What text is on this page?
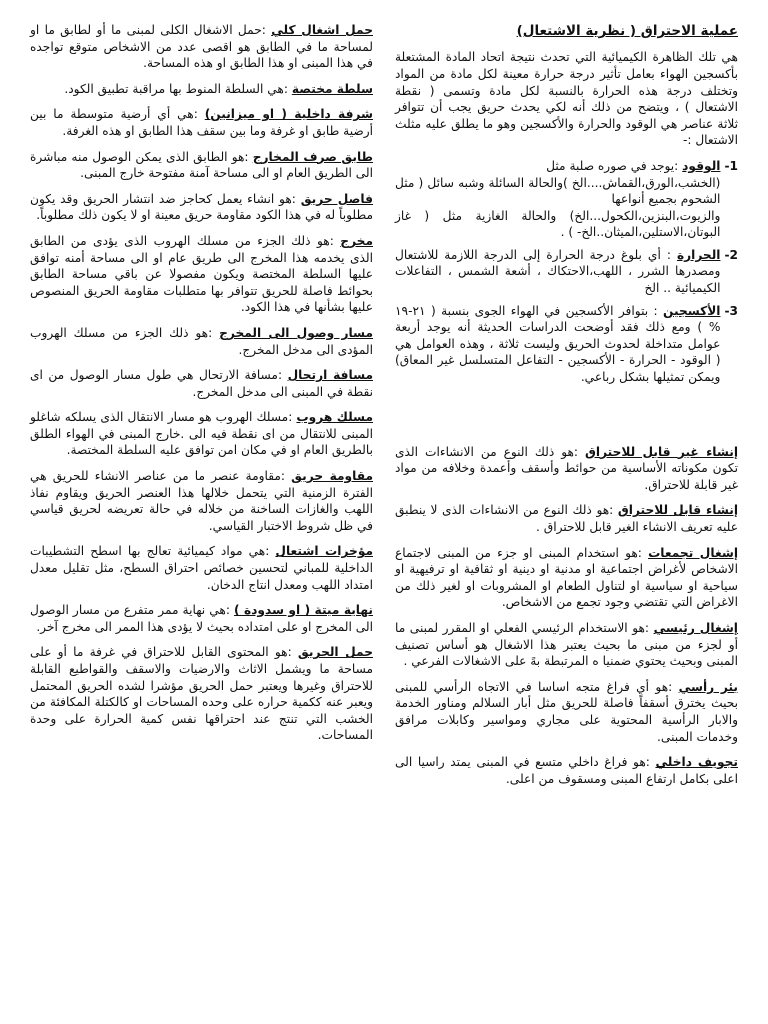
عملية الاحتراق ( نظرية الاشتعال)

هي تلك الظاهرة الكيميائية التي تحدث نتيجة اتحاد المادة المشتعلة بأكسجين الهواء بعامل تأثير درجة حرارة معينة لكل مادة من المواد وتختلف درجة هذه الحرارة بالنسبة لكل مادة وتسمى ( نقطة الاشتعال ) ، ويتضح من ذلك أنه لكي يحدث حريق يجب أن تتوافر ثلاثة عناصر هي الوقود والحرارة والأكسجين وهو ما يطلق عليه مثلث الاشتعال :-

1-

الوقود :يوجد في صوره صلبة مثل

(الخشب،الورق،القماش....الخ )والحالة السائلة وشبه سائل ( مثل الشحوم بجميع أنواعها

والزيوت،البنزين،الكحول...الخ) والحالة الغازية مثل ( غاز البوتان،الاستلين،الميثان..الخ- ) .

2-

الحرارة : أي بلوغ درجة الحرارة إلى الدرجة اللازمة للاشتعال ومصدرها الشرر ، اللهب،الاحتكاك ، أشعة الشمس ، التفاعلات الكيميائية .. الخ

3-

الأكسجين : بتوافر الأكسجين في الهواء الجوى بنسبة ( ٢١-١٩ % ) ومع ذلك فقد أوضحت الدراسات الحديثة أنه يوجد أربعة عوامل متداخلة لحدوث الحريق وليست ثلاثة ، وهذه العوامل هي ( الوقود - الحرارة - الأكسجين - التفاعل المتسلسل غير المعاق) ويمكن تمثيلها بشكل رباعي.

إنشاء غير قابل للاحتراق :هو ذلك النوع من الانشاءات الذى تكون مكوناته الأساسية من حوائط وأسقف وأعمدة وخلافه من مواد غير قابلة للاحتراق.

إنشاء قابل للاحتراق :هو ذلك النوع من الانشاءات الذى لا ينطبق عليه تعريف الانشاء الغير قابل للاحتراق .

إشغال تجمعات :هو استخدام المبنى او جزء من المبنى لاجتماع الاشخاص لأغراض اجتماعية او مدنية او دينية او ثقافية او ترفيهية او سياحية او سياسية او لتناول الطعام او المشروبات او لغير ذلك من الاغراض التي تقتضي وجود تجمع من الاشخاص.

إشغال رئيسي :هو الاستخدام الرئيسي الفعلي او المقرر لمبنى ما أو لجزء من مبنى ما بحيث يعتبر هذا الاشغال هو أساس تصنيف المبنى وبحيث يحتوي ضمنيا ه المرتبطة بهً على الاشغالات الفرعي .

بئر رأسي :هو أي فراغ متجه اساسا في الاتجاه الرأسي للمبنى بحيث يخترق أسقفاً فاصلة للحريق مثل أبار السلالم ومناور الخدمة والابار الرأسية المحتوية على مجاري ومواسير وكابلات مرافق وخدمات المبنى.

تجويف داخلي :هو فراغ داخلي متسع في المبنى يمتد راسيا الى اعلى بكامل ارتفاع المبنى ومسقوف من اعلى.

حمل اشغال كلي :حمل الاشغال الكلى لمبنى ما أو لطابق ما او لمساحة ما في الطابق هو اقصى عدد من الاشخاص متوقع تواجده في هذا المبنى او هذا الطابق او هذه المساحة.

سلطة مختصة :هي السلطة المنوط بها مراقبة تطبيق الكود.

شرفة داخلية ( او ميزانين) :هي أي أرضية متوسطة ما بين أرضية طابق او غرفة وما بين سقف هذا الطابق او هذه الغرفة.

طابق صرف المخارج :هو الطابق الذى يمكن الوصول منه مباشرة الى الطريق العام او الى مساحة آمنة مفتوحة خارج المبنى.

فاصل حريق :هو انشاء يعمل كحاجز ضد انتشار الحريق وقد يكون مطلوباً له في هذا الكود مقاومة حريق معينة او لا يكون ذلك مطلوباً.

مخرج :هو ذلك الجزء من مسلك الهروب الذى يؤدى من الطابق الذى يخدمه هذا المخرج الى طريق عام او الى مساحة أمنه توافق عليها السلطة المختصة ويكون مفصولا عن باقي مساحة الطابق بحوائط فاصلة للحريق تتوافر بها متطلبات مقاومة الحريق المنصوص عليها بشأنها في هذا الكود.

مسار وصول الى المخرج :هو ذلك الجزء من مسلك الهروب المؤدى الى مدخل المخرج.

مسافة ارتحال :مسافة الارتحال هي طول مسار الوصول من اى نقطة في المبنى الى مدخل المخرج.

مسلك هروب :مسلك الهروب هو مسار الانتقال الذى يسلكه شاغلو المبنى للانتقال من اى نقطة فيه الى .خارج المبنى في الهواء الطلق بالطريق العام او في مكان امن توافق عليه السلطة المختصة.

مقاومة حريق :مقاومة عنصر ما من عناصر الانشاء للحريق هي الفترة الزمنية التي يتحمل خلالها هذا العنصر الحريق ويقاوم نفاذ اللهب والغازات الساخنة من خلاله في حالة تعريضه لحريق قياسي في ظل شروط الاختبار القياسي.

مؤخرات اشتعال :هي مواد كيميائية تعالج بها اسطح التشطيبات الداخلية للمباني لتحسين خصائص احتراق السطح، مثل تقليل معدل امتداد اللهب ومعدل انتاج الدخان.

نهاية ميتة ( او سدودة ) :هي نهاية ممر متفرع من مسار الوصول الى المخرج او على امتداده بحيث لا يؤدى هذا الممر الى مخرج آخر.

حمل الحريق :هو المحتوى القابل للاحتراق في غرفة ما أو على مساحة ما ويشمل الاثاث والارضيات والاسقف والقواطيع القابلة للاحتراق وغيرها ويعتبر حمل الحريق مؤشرا لشده الحريق المحتمل ويعبر عنه ككمية حراره على وحده المساحات او كالكتلة المكافئة من الخشب التي تنتج عند احتراقها نفس كمية الحرارة على وحدة المساحات.
